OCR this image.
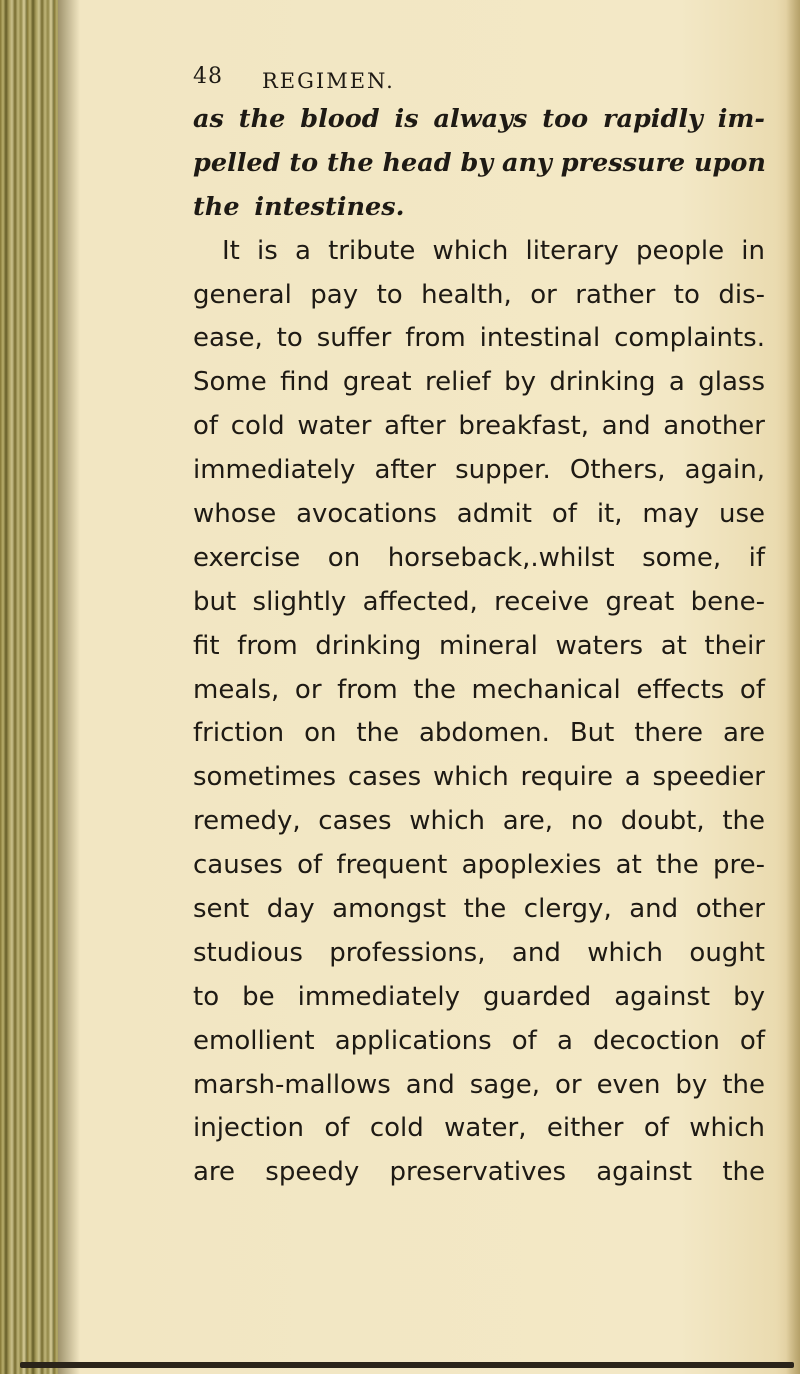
48 REGIMEN.
as the blood is always too rapidly im-
pelled to the head by any pressure upon
the intestines.
It is a tribute which literary people in
general pay to health, or rather to dis-
ease, to suffer from intestinal complaints.
Some find great relief by drinking a glass
of cold water after breakfast, and another
immediately after supper. Others, again,
whose avocations admit of it, may use
exercise on horseback,.whilst some, if
but slightly affected, receive great bene-
fit from drinking mineral waters at their
meals, or from the mechanical effects of
friction on the abdomen. But there are
sometimes cases which require a speedier
remedy, cases which are, no doubt, the
causes of frequent apoplexies at the pre-
sent day amongst the clergy, and other
studious professions, and which ought
to be immediately guarded against by
emollient applications of a decoction of
marsh-mallows and sage, or even by the
injection of cold water, either of which
are speedy preservatives against the
